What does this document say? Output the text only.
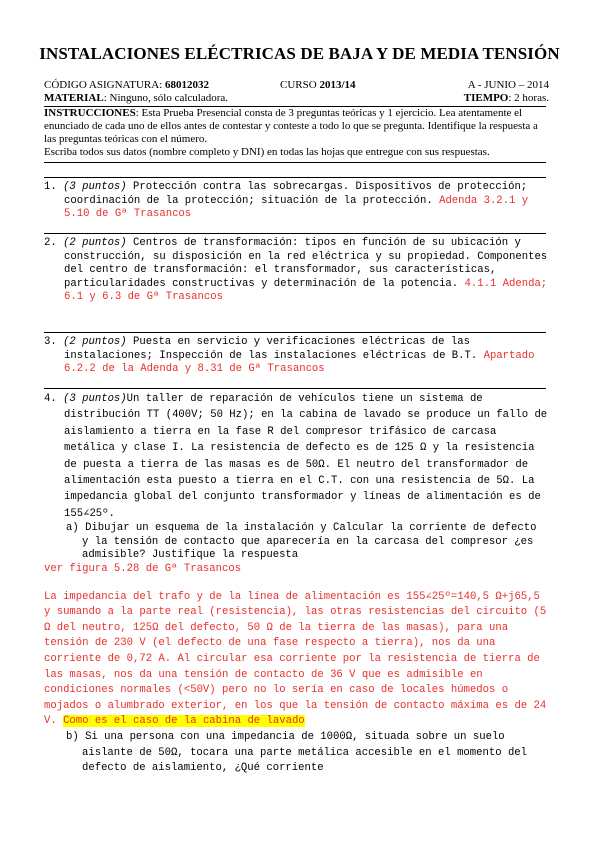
INSTALACIONES ELÉCTRICAS DE BAJA Y DE MEDIA TENSIÓN
CÓDIGO ASIGNATURA: 68012032	CURSO 2013/14	A - JUNIO – 2014
MATERIAL: Ninguno, sólo calculadora.	TIEMPO: 2 horas.

INSTRUCCIONES: Esta Prueba Presencial consta de 3 preguntas teóricas y 1 ejercicio. Lea atentamente el enunciado de cada uno de ellos antes de contestar y conteste a todo lo que se pregunta. Identifique la respuesta a las preguntas teóricas con el número.

Escriba todos sus datos (nombre completo y DNI) en todas las hojas que entregue con sus respuestas.

1. (3 puntos) Protección contra las sobrecargas. Dispositivos de protección; coordinación de la protección; situación de la protección. Adenda 3.2.1 y 5.10 de Gª Trasancos

2. (2 puntos) Centros de transformación: tipos en función de su ubicación y construcción, su disposición en la red eléctrica y su propiedad. Componentes del centro de transformación: el transformador, sus características, particularidades constructivas y determinación de la potencia. 4.1.1 Adenda; 6.1 y 6.3 de Gª Trasancos

3. (2 puntos) Puesta en servicio y verificaciones eléctricas de las instalaciones; Inspección de las instalaciones eléctricas de B.T. Apartado 6.2.2 de la Adenda y 8.31 de Gª Trasancos

4. (3 puntos)Un taller de reparación de vehículos tiene un sistema de distribución TT (400V; 50 Hz); en la cabina de lavado se produce un fallo de aislamiento a tierra en la fase R del compresor trifásico de carcasa metálica y clase I. La resistencia de defecto es de 125 Ω y la resistencia de puesta a tierra de las masas es de 50Ω. El neutro del transformador de alimentación esta puesto a tierra en el C.T. con una resistencia de 5Ω. La impedancia global del conjunto transformador y líneas de alimentación es de 155∠25º.

a) Dibujar un esquema de la instalación y Calcular la corriente de defecto y la tensión de contacto que aparecería en la carcasa del compresor ¿es admisible? Justifique la respuesta

ver figura 5.28 de Gª Trasancos

La impedancia del trafo y de la línea de alimentación es 155∠25º=140,5 Ω+j65,5 y sumando a la parte real (resistencia), las otras resistencias del circuito (5 Ω del neutro, 125Ω del defecto, 50 Ω de la tierra de las masas), para una tensión de 230 V (el defecto de una fase respecto a tierra), nos da una corriente de 0,72 A. Al circular esa corriente por la resistencia de tierra de las masas, nos da una tensión de contacto de 36 V que es admisible en condiciones normales (<50V) pero no lo sería en caso de locales húmedos o mojados o alumbrado exterior, en los que la tensión de contacto máxima es de 24 V. Como es el caso de la cabina de lavado

b) Si una persona con una impedancia de 1000Ω, situada sobre un suelo aislante de 50Ω, tocara una parte metálica accesible en el momento del defecto de aislamiento, ¿Qué corriente
